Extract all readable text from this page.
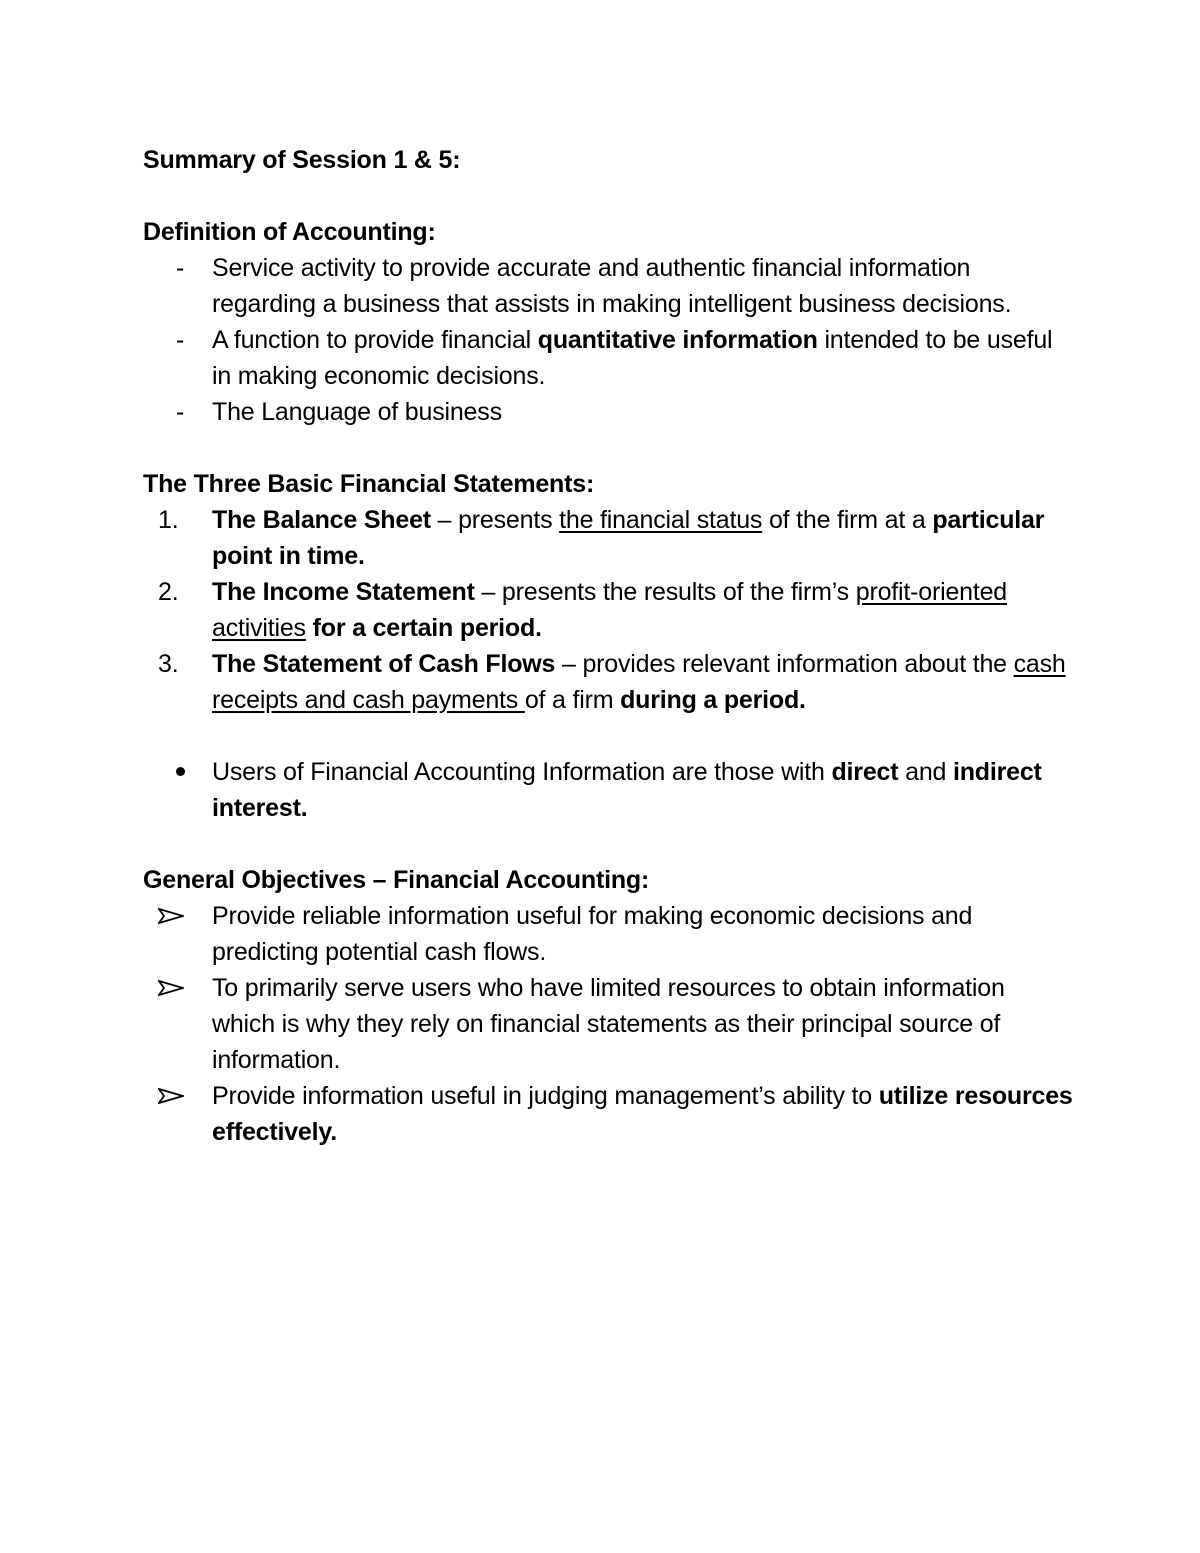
Summary of Session 1 & 5:

Definition of Accounting:

-	Service activity to provide accurate and authentic financial information regarding a business that assists in making intelligent business decisions.
-	A function to provide financial quantitative information intended to be useful in making economic decisions.
-	The Language of business

The Three Basic Financial Statements:

1.	The Balance Sheet – presents the financial status of the firm at a particular point in time.
2.	The Income Statement – presents the results of the firm’s profit-oriented activities for a certain period.
3.	The Statement of Cash Flows – provides relevant information about the cash receipts and cash payments of a firm during a period.
Users of Financial Accounting Information are those with direct and indirect interest.

General Objectives – Financial Accounting:

Provide reliable information useful for making economic decisions and predicting potential cash flows.
To primarily serve users who have limited resources to obtain information which is why they rely on financial statements as their principal source of information.
Provide information useful in judging management’s ability to utilize resources effectively.
